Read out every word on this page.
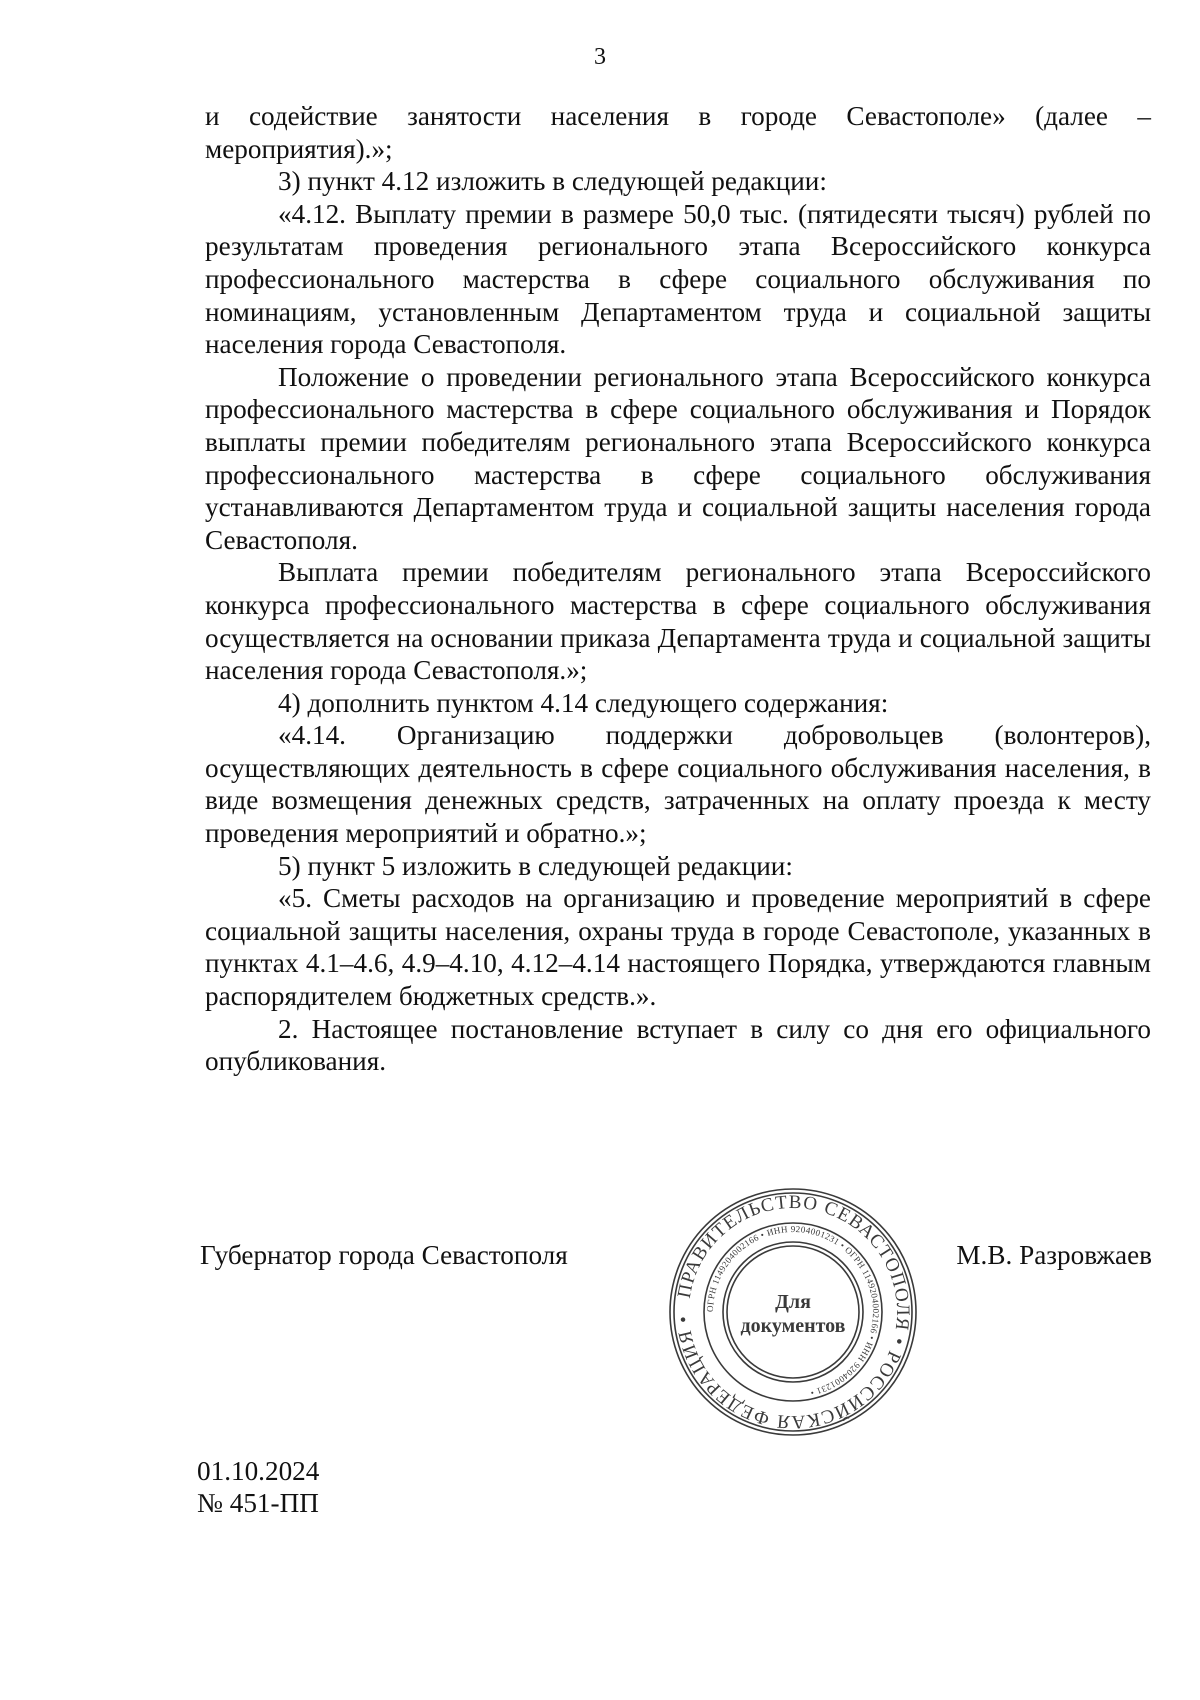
3

и содействие занятости населения в городе Севастополе» (далее – мероприятия).»;

3) пункт 4.12 изложить в следующей редакции:

«4.12. Выплату премии в размере 50,0 тыс. (пятидесяти тысяч) рублей по результатам проведения регионального этапа Всероссийского конкурса профессионального мастерства в сфере социального обслуживания по номинациям, установленным Департаментом труда и социальной защиты населения города Севастополя.

Положение о проведении регионального этапа Всероссийского конкурса профессионального мастерства в сфере социального обслуживания и Порядок выплаты премии победителям регионального этапа Всероссийского конкурса профессионального мастерства в сфере социального обслуживания устанавливаются Департаментом труда и социальной защиты населения города Севастополя.

Выплата премии победителям регионального этапа Всероссийского конкурса профессионального мастерства в сфере социального обслуживания осуществляется на основании приказа Департамента труда и социальной защиты населения города Севастополя.»;

4) дополнить пунктом 4.14 следующего содержания:

«4.14. Организацию поддержки добровольцев (волонтеров), осуществляющих деятельность в сфере социального обслуживания населения, в виде возмещения денежных средств, затраченных на оплату проезда к месту проведения мероприятий и обратно.»;

5) пункт 5 изложить в следующей редакции:

«5. Сметы расходов на организацию и проведение мероприятий в сфере социальной защиты населения, охраны труда в городе Севастополе, указанных в пунктах 4.1–4.6, 4.9–4.10, 4.12–4.14 настоящего Порядка, утверждаются главным распорядителем бюджетных средств.».

2. Настоящее постановление вступает в силу со дня его официального опубликования.

Губернатор города Севастополя	М.В. Разровжаев
ПРАВИТЕЛЬСТВО СЕВАСТОПОЛЯ • РОССИЙСКАЯ ФЕДЕРАЦИЯ •
ОГРН 1149204002166 • ИНН 9204001231 • ОГРН 1149204002166 • ИНН 9204001231 •
Для
документов
01.10.2024
№ 451-ПП
